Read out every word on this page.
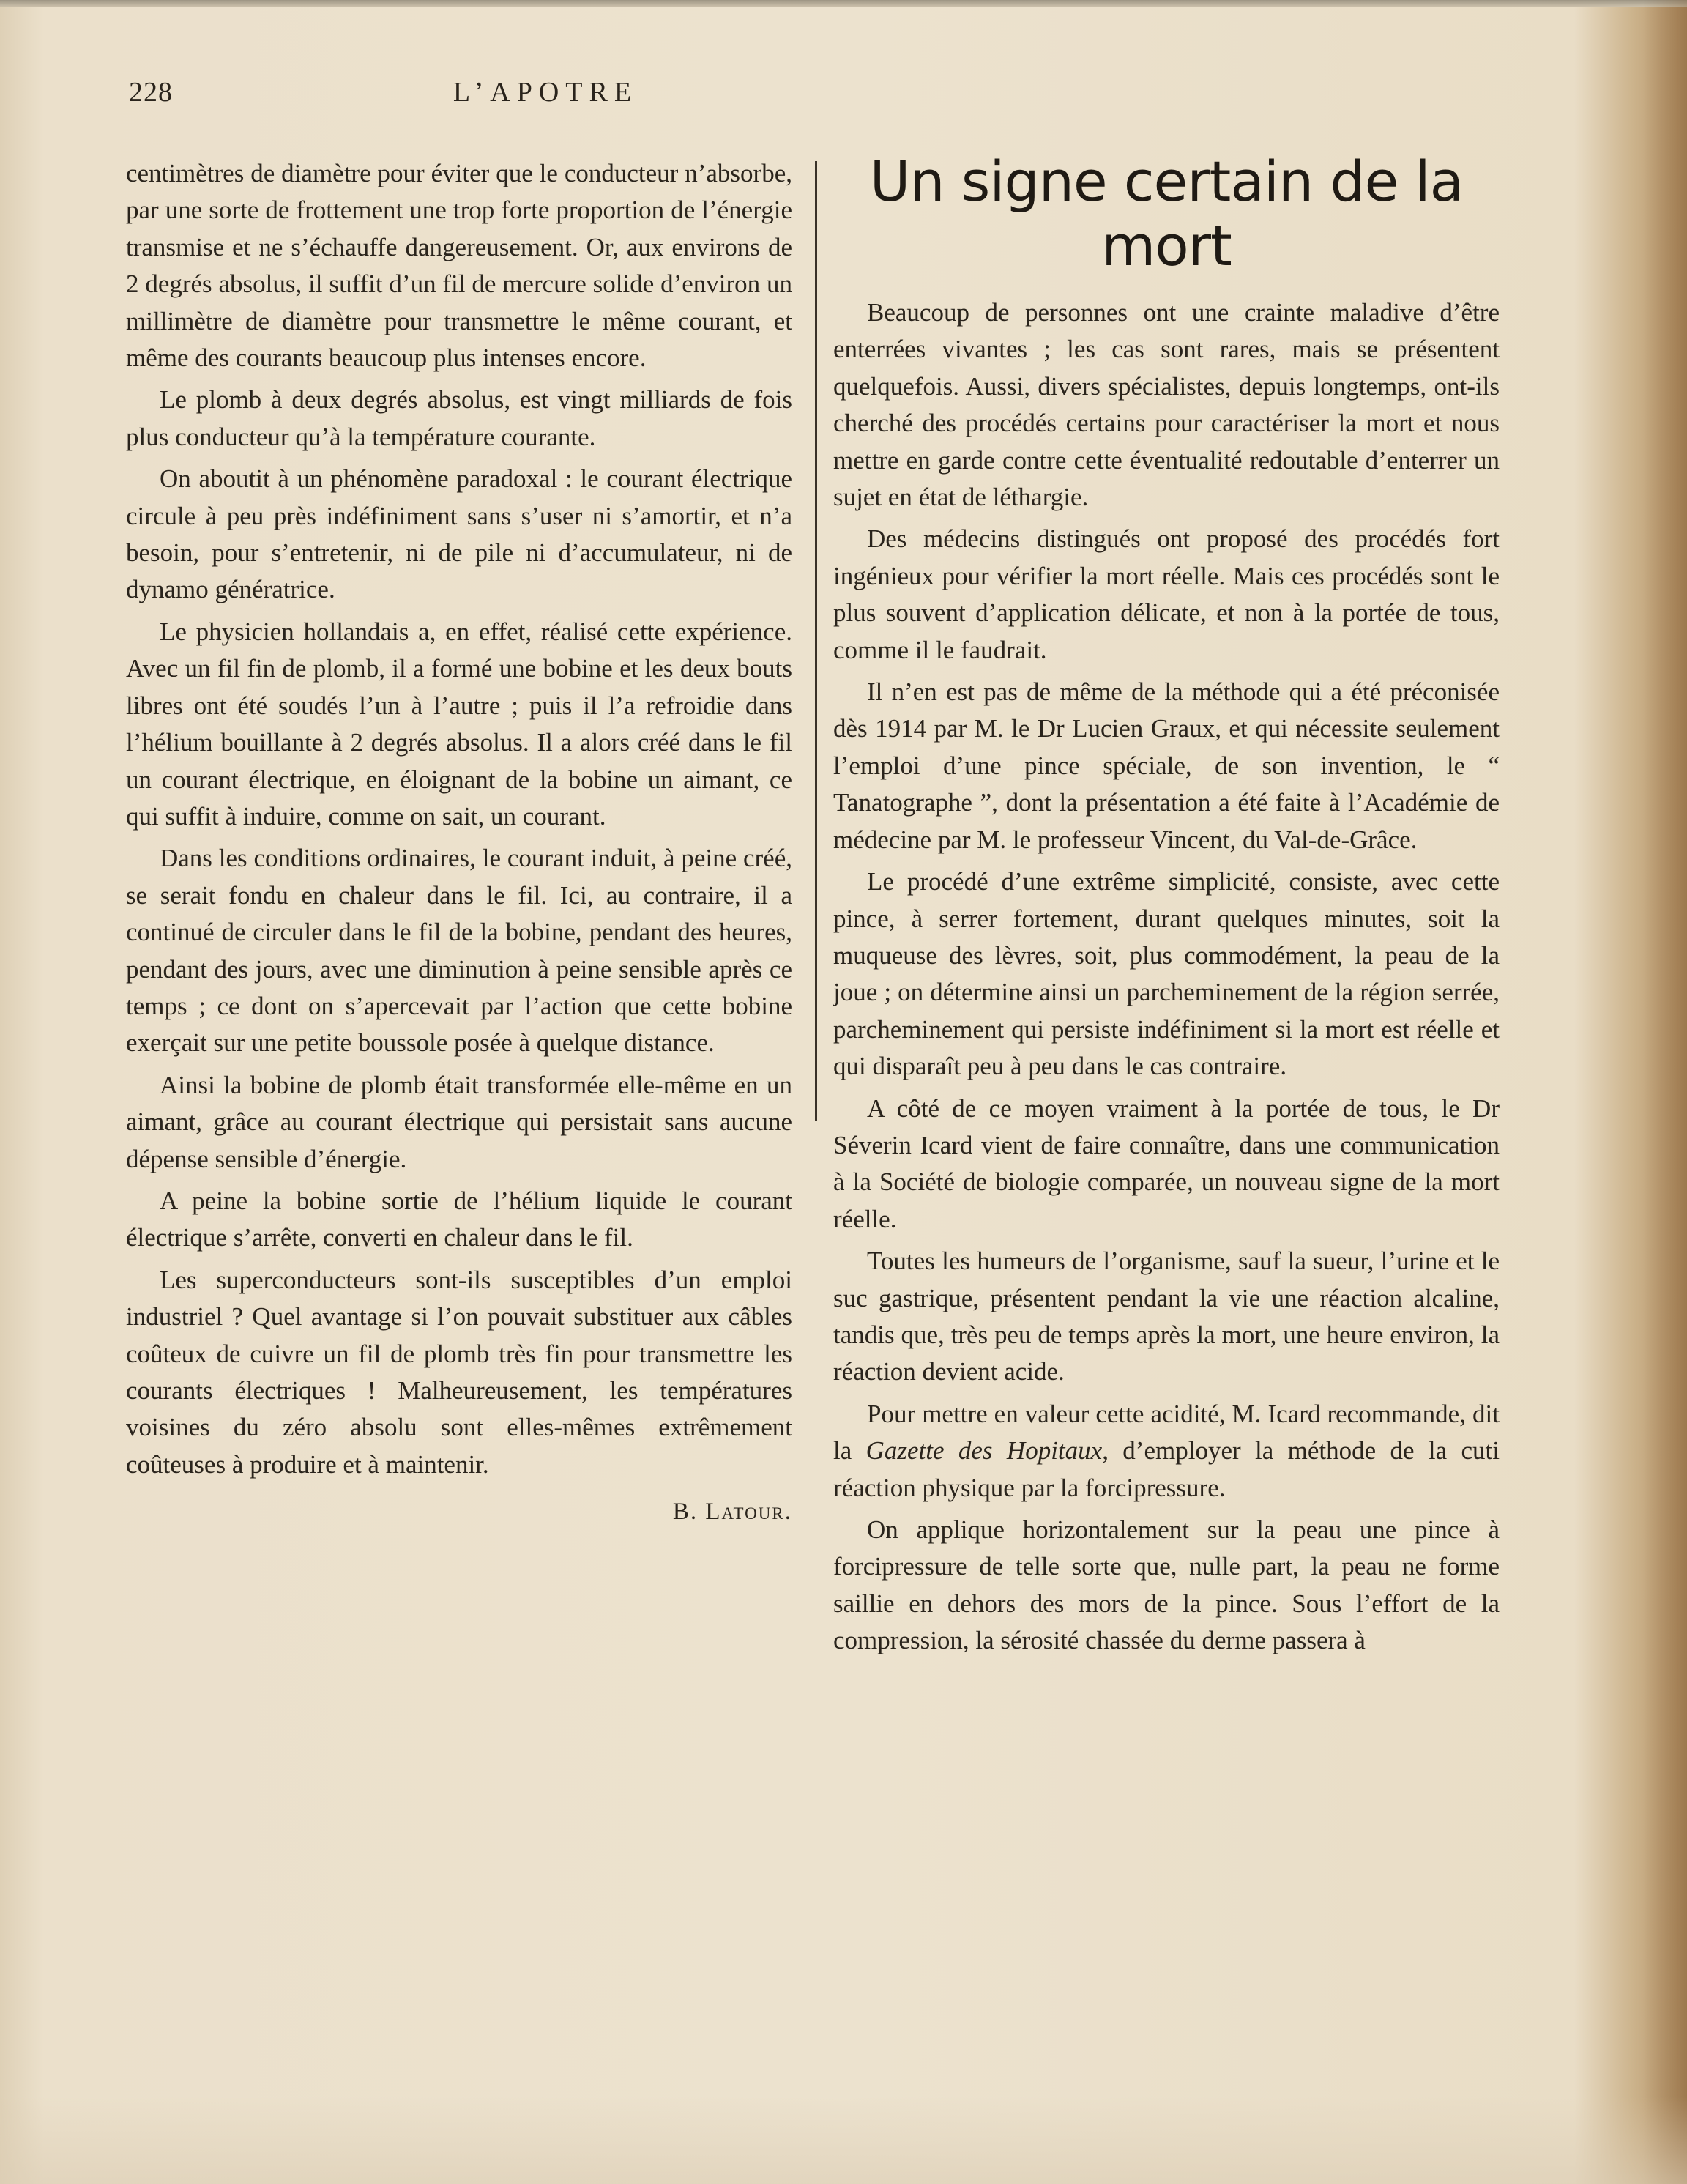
228	L’APOTRE

centimètres de diamètre pour éviter que le conducteur n’absorbe, par une sorte de frottement une trop forte proportion de l’énergie transmise et ne s’échauffe dangereusement. Or, aux environs de 2 degrés absolus, il suffit d’un fil de mercure solide d’environ un millimètre de diamètre pour transmettre le même courant, et même des courants beaucoup plus intenses encore.

Le plomb à deux degrés absolus, est vingt milliards de fois plus conducteur qu’à la température courante.

On aboutit à un phénomène paradoxal : le courant électrique circule à peu près indéfiniment sans s’user ni s’amortir, et n’a besoin, pour s’entretenir, ni de pile ni d’accumulateur, ni de dynamo génératrice.

Le physicien hollandais a, en effet, réalisé cette expérience. Avec un fil fin de plomb, il a formé une bobine et les deux bouts libres ont été soudés l’un à l’autre ; puis il l’a refroidie dans l’hélium bouillante à 2 degrés absolus. Il a alors créé dans le fil un courant électrique, en éloignant de la bobine un aimant, ce qui suffit à induire, comme on sait, un courant.

Dans les conditions ordinaires, le courant induit, à peine créé, se serait fondu en chaleur dans le fil. Ici, au contraire, il a continué de circuler dans le fil de la bobine, pendant des heures, pendant des jours, avec une diminution à peine sensible après ce temps ; ce dont on s’apercevait par l’action que cette bobine exerçait sur une petite boussole posée à quelque distance.

Ainsi la bobine de plomb était transformée elle-même en un aimant, grâce au courant électrique qui persistait sans aucune dépense sensible d’énergie.

A peine la bobine sortie de l’hélium liquide le courant électrique s’arrête, converti en chaleur dans le fil.

Les superconducteurs sont-ils susceptibles d’un emploi industriel ? Quel avantage si l’on pouvait substituer aux câbles coûteux de cuivre un fil de plomb très fin pour transmettre les courants électriques ! Malheureusement, les températures voisines du zéro absolu sont elles-mêmes extrêmement coûteuses à produire et à maintenir.

B. Latour.
Un signe certain de la mort

Beaucoup de personnes ont une crainte maladive d’être enterrées vivantes ; les cas sont rares, mais se présentent quelquefois. Aussi, divers spécialistes, depuis longtemps, ont-ils cherché des procédés certains pour caractériser la mort et nous mettre en garde contre cette éventualité redoutable d’enterrer un sujet en état de léthargie.

Des médecins distingués ont proposé des procédés fort ingénieux pour vérifier la mort réelle. Mais ces procédés sont le plus souvent d’application délicate, et non à la portée de tous, comme il le faudrait.

Il n’en est pas de même de la méthode qui a été préconisée dès 1914 par M. le Dr Lucien Graux, et qui nécessite seulement l’emploi d’une pince spéciale, de son invention, le “ Tanatographe ”, dont la présentation a été faite à l’Académie de médecine par M. le professeur Vincent, du Val-de-Grâce.

Le procédé d’une extrême simplicité, consiste, avec cette pince, à serrer fortement, durant quelques minutes, soit la muqueuse des lèvres, soit, plus commodément, la peau de la joue ; on détermine ainsi un parcheminement de la région serrée, parcheminement qui persiste indéfiniment si la mort est réelle et qui disparaît peu à peu dans le cas contraire.

A côté de ce moyen vraiment à la portée de tous, le Dr Séverin Icard vient de faire connaître, dans une communication à la Société de biologie comparée, un nouveau signe de la mort réelle.

Toutes les humeurs de l’organisme, sauf la sueur, l’urine et le suc gastrique, présentent pendant la vie une réaction alcaline, tandis que, très peu de temps après la mort, une heure environ, la réaction devient acide.

Pour mettre en valeur cette acidité, M. Icard recommande, dit la Gazette des Hopitaux, d’employer la méthode de la cuti réaction physique par la forcipressure.

On applique horizontalement sur la peau une pince à forcipressure de telle sorte que, nulle part, la peau ne forme saillie en dehors des mors de la pince. Sous l’effort de la compression, la sérosité chassée du derme passera à
